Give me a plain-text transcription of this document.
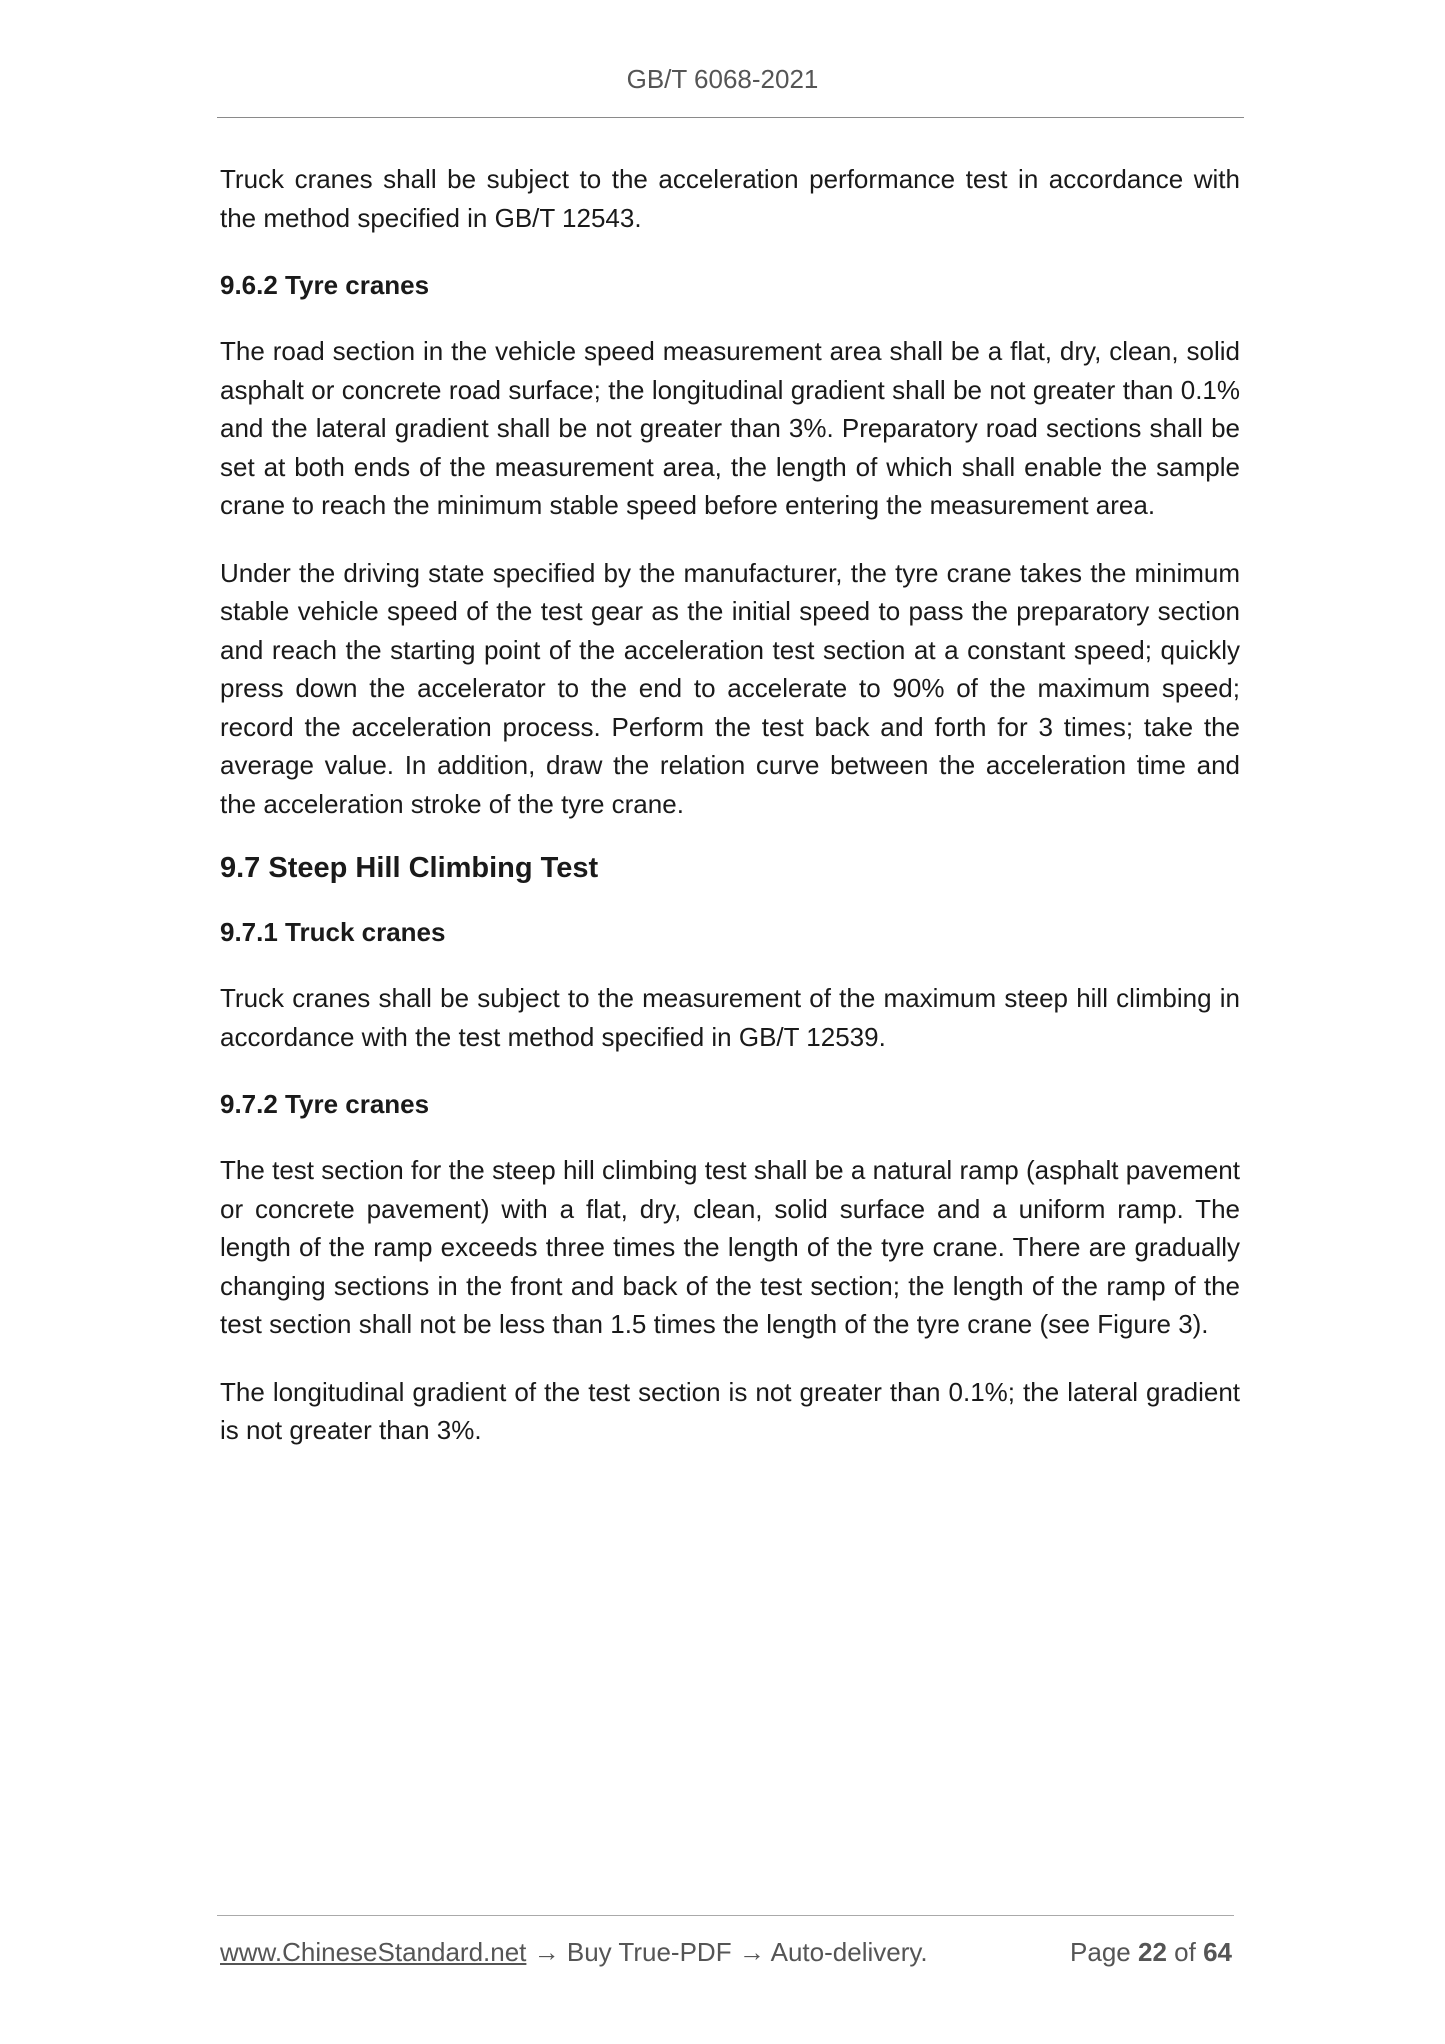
GB/T 6068-2021

Truck cranes shall be subject to the acceleration performance test in accordance with the method specified in GB/T 12543.

9.6.2 Tyre cranes

The road section in the vehicle speed measurement area shall be a flat, dry, clean, solid asphalt or concrete road surface; the longitudinal gradient shall be not greater than 0.1% and the lateral gradient shall be not greater than 3%. Preparatory road sections shall be set at both ends of the measurement area, the length of which shall enable the sample crane to reach the minimum stable speed before entering the measurement area.

Under the driving state specified by the manufacturer, the tyre crane takes the minimum stable vehicle speed of the test gear as the initial speed to pass the preparatory section and reach the starting point of the acceleration test section at a constant speed; quickly press down the accelerator to the end to accelerate to 90% of the maximum speed; record the acceleration process. Perform the test back and forth for 3 times; take the average value. In addition, draw the relation curve between the acceleration time and the acceleration stroke of the tyre crane.

9.7 Steep Hill Climbing Test
9.7.1 Truck cranes

Truck cranes shall be subject to the measurement of the maximum steep hill climbing in accordance with the test method specified in GB/T 12539.

9.7.2 Tyre cranes

The test section for the steep hill climbing test shall be a natural ramp (asphalt pavement or concrete pavement) with a flat, dry, clean, solid surface and a uniform ramp. The length of the ramp exceeds three times the length of the tyre crane. There are gradually changing sections in the front and back of the test section; the length of the ramp of the test section shall not be less than 1.5 times the length of the tyre crane (see Figure 3).

The longitudinal gradient of the test section is not greater than 0.1%; the lateral gradient is not greater than 3%.

www.ChineseStandard.net → Buy True-PDF → Auto-delivery.	Page 22 of 64
